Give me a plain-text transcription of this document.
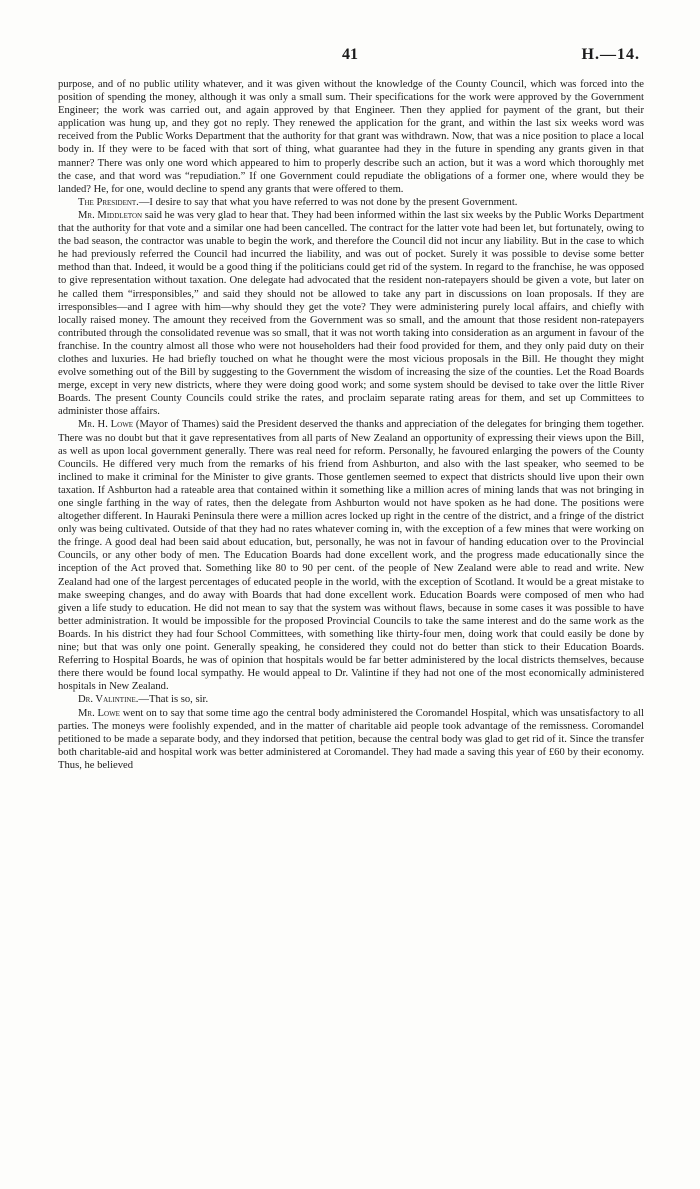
41	H.—14.

purpose, and of no public utility whatever, and it was given without the knowledge of the County Council, which was forced into the position of spending the money, although it was only a small sum. Their specifications for the work were approved by the Government Engineer; the work was carried out, and again approved by that Engineer. Then they applied for payment of the grant, but their application was hung up, and they got no reply. They renewed the application for the grant, and within the last six weeks word was received from the Public Works Department that the authority for that grant was withdrawn. Now, that was a nice position to place a local body in. If they were to be faced with that sort of thing, what guarantee had they in the future in spending any grants given in that manner? There was only one word which appeared to him to properly describe such an action, but it was a word which thoroughly met the case, and that word was “repudiation.” If one Government could repudiate the obligations of a former one, where would they be landed? He, for one, would decline to spend any grants that were offered to them.

The President.—I desire to say that what you have referred to was not done by the present Government.

Mr. Middleton said he was very glad to hear that. They had been informed within the last six weeks by the Public Works Department that the authority for that vote and a similar one had been cancelled. The contract for the latter vote had been let, but fortunately, owing to the bad season, the contractor was unable to begin the work, and therefore the Council did not incur any liability. But in the case to which he had previously referred the Council had incurred the liability, and was out of pocket. Surely it was possible to devise some better method than that. Indeed, it would be a good thing if the politicians could get rid of the system. In regard to the franchise, he was opposed to give representation without taxation. One delegate had advocated that the resident non-ratepayers should be given a vote, but later on he called them “irresponsibles,” and said they should not be allowed to take any part in discussions on loan proposals. If they are irresponsibles—and I agree with him—why should they get the vote? They were administering purely local affairs, and chiefly with locally raised money. The amount they received from the Government was so small, and the amount that those resident non-ratepayers contributed through the consolidated revenue was so small, that it was not worth taking into consideration as an argument in favour of the franchise. In the country almost all those who were not householders had their food provided for them, and they only paid duty on their clothes and luxuries. He had briefly touched on what he thought were the most vicious proposals in the Bill. He thought they might evolve something out of the Bill by suggesting to the Government the wisdom of increasing the size of the counties. Let the Road Boards merge, except in very new districts, where they were doing good work; and some system should be devised to take over the little River Boards. The present County Councils could strike the rates, and proclaim separate rating areas for them, and set up Committees to administer those affairs.

Mr. H. Lowe (Mayor of Thames) said the President deserved the thanks and appreciation of the delegates for bringing them together. There was no doubt but that it gave representatives from all parts of New Zealand an opportunity of expressing their views upon the Bill, as well as upon local government generally. There was real need for reform. Personally, he favoured enlarging the powers of the County Councils. He differed very much from the remarks of his friend from Ashburton, and also with the last speaker, who seemed to be inclined to make it criminal for the Minister to give grants. Those gentlemen seemed to expect that districts should live upon their own taxation. If Ashburton had a rateable area that contained within it something like a million acres of mining lands that was not bringing in one single farthing in the way of rates, then the delegate from Ashburton would not have spoken as he had done. The positions were altogether different. In Hauraki Peninsula there were a million acres locked up right in the centre of the district, and a fringe of the district only was being cultivated. Outside of that they had no rates whatever coming in, with the exception of a few mines that were working on the fringe. A good deal had been said about education, but, personally, he was not in favour of handing education over to the Provincial Councils, or any other body of men. The Education Boards had done excellent work, and the progress made educationally since the inception of the Act proved that. Something like 80 to 90 per cent. of the people of New Zealand were able to read and write. New Zealand had one of the largest percentages of educated people in the world, with the exception of Scotland. It would be a great mistake to make sweeping changes, and do away with Boards that had done excellent work. Education Boards were composed of men who had given a life study to education. He did not mean to say that the system was without flaws, because in some cases it was possible to have better administration. It would be impossible for the proposed Provincial Councils to take the same interest and do the same work as the Boards. In his district they had four School Committees, with something like thirty-four men, doing work that could easily be done by nine; but that was only one point. Generally speaking, he considered they could not do better than stick to their Education Boards. Referring to Hospital Boards, he was of opinion that hospitals would be far better administered by the local districts themselves, because there there would be found local sympathy. He would appeal to Dr. Valintine if they had not one of the most economically administered hospitals in New Zealand.

Dr. Valintine.—That is so, sir.

Mr. Lowe went on to say that some time ago the central body administered the Coromandel Hospital, which was unsatisfactory to all parties. The moneys were foolishly expended, and in the matter of charitable aid people took advantage of the remissness. Coromandel petitioned to be made a separate body, and they indorsed that petition, because the central body was glad to get rid of it. Since the transfer both charitable-aid and hospital work was better administered at Coromandel. They had made a saving this year of £60 by their economy. Thus, he believed
